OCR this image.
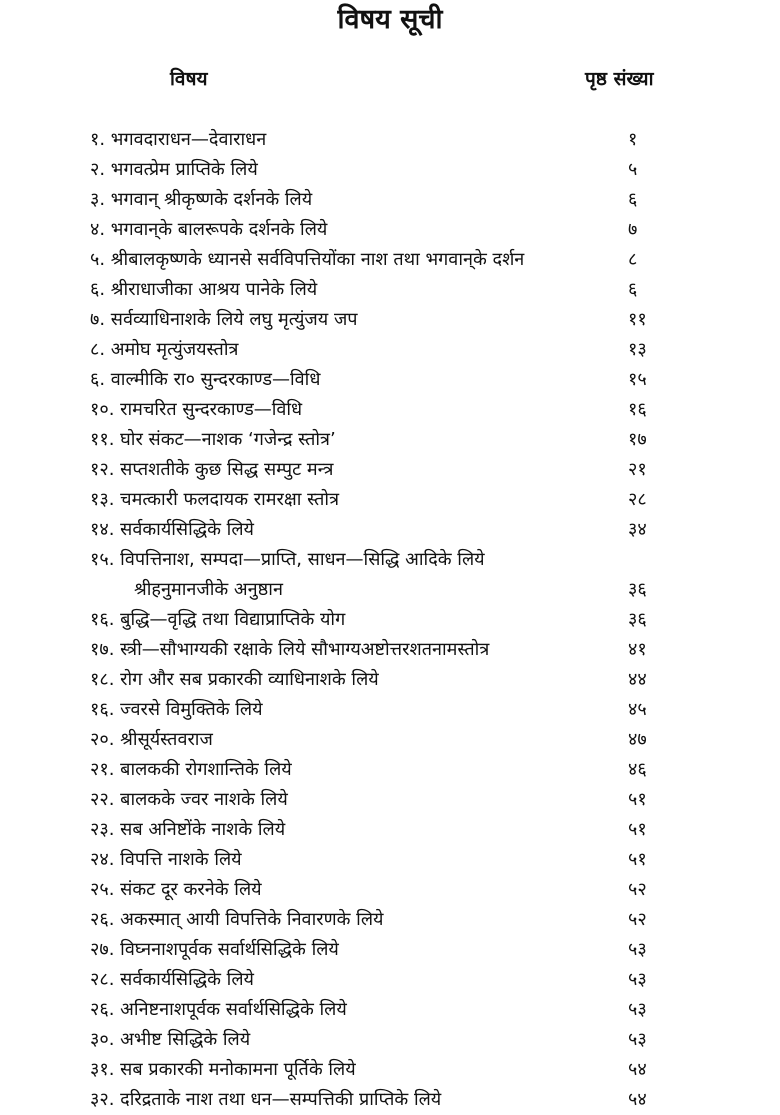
विषय सूची
विषय	पृष्ठ संख्या
१. भगवदाराधन—देवाराधन	१
२. भगवत्प्रेम प्राप्तिके लिये	५
३. भगवान् श्रीकृष्णके दर्शनके लिये	६
४. भगवान्‌के बालरूपके दर्शनके लिये	७
५. श्रीबालकृष्णके ध्यानसे सर्वविपत्तियोंका नाश तथा भगवान्‌के दर्शन	८
६. श्रीराधाजीका आश्रय पानेके लिये	६
७. सर्वव्याधिनाशके लिये लघु मृत्युंजय जप	११
८. अमोघ मृत्युंजयस्तोत्र	१३
६. वाल्मीकि रा० सुन्दरकाण्ड—विधि	१५
१०. रामचरित सुन्दरकाण्ड—विधि	१६
११. घोर संकट—नाशक ‘गजेन्द्र स्तोत्र’	१७
१२. सप्तशतीके कुछ सिद्ध सम्पुट मन्त्र	२१
१३. चमत्कारी फलदायक रामरक्षा स्तोत्र	२८
१४. सर्वकार्यसिद्धिके लिये	३४
१५. विपत्तिनाश, सम्पदा—प्राप्ति, साधन—सिद्धि आदिके लिये
श्रीहनुमानजीके अनुष्ठान	३६
१६. बुद्धि—वृद्धि तथा विद्याप्राप्तिके योग	३६
१७. स्त्री—सौभाग्यकी रक्षाके लिये सौभाग्यअष्टोत्तरशतनामस्तोत्र	४१
१८. रोग और सब प्रकारकी व्याधिनाशके लिये	४४
१६. ज्वरसे विमुक्तिके लिये	४५
२०. श्रीसूर्यस्तवराज	४७
२१. बालककी रोगशान्तिके लिये	४६
२२. बालकके ज्वर नाशके लिये	५१
२३. सब अनिष्टोंके नाशके लिये	५१
२४. विपत्ति नाशके लिये	५१
२५. संकट दूर करनेके लिये	५२
२६. अकस्मात् आयी विपत्तिके निवारणके लिये	५२
२७. विघ्ननाशपूर्वक सर्वार्थसिद्धिके लिये	५३
२८. सर्वकार्यसिद्धिके लिये	५३
२६. अनिष्टनाशपूर्वक सर्वार्थसिद्धिके लिये	५३
३०. अभीष्ट सिद्धिके लिये	५३
३१. सब प्रकारकी मनोकामना पूर्तिके लिये	५४
३२. दरिद्रताके नाश तथा धन—सम्पत्तिकी प्राप्तिके लिये	५४
